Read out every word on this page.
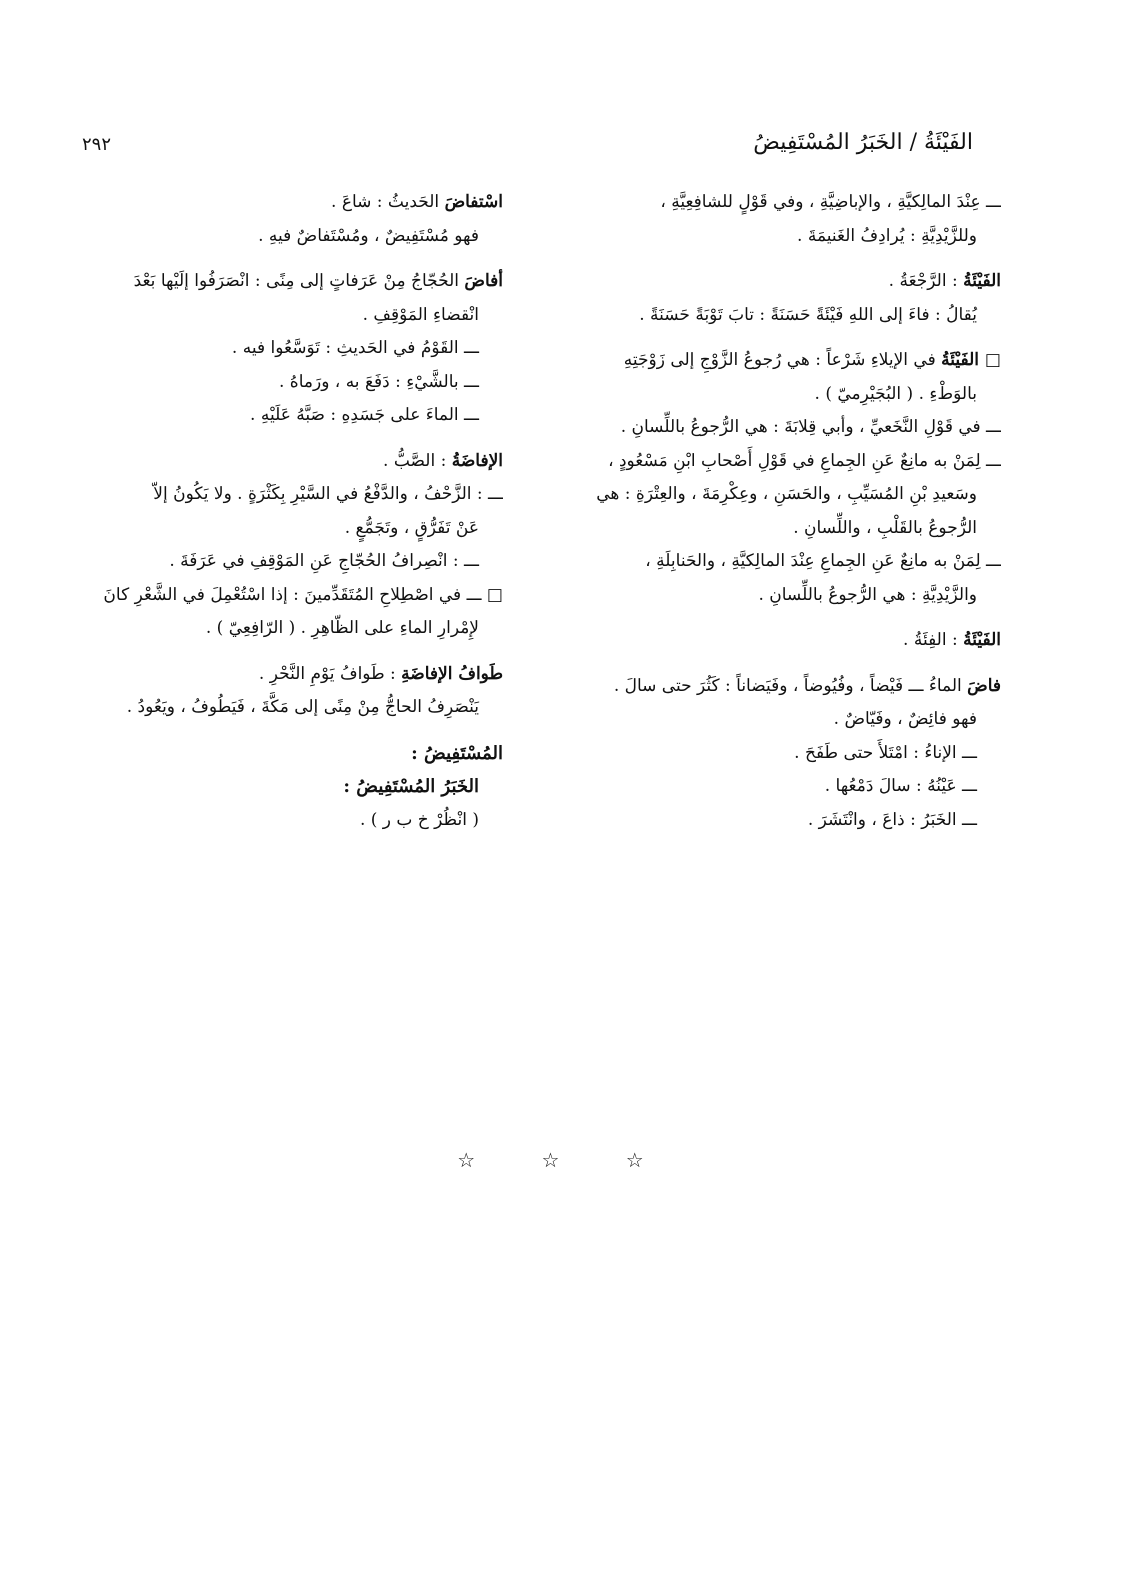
الفَيْئَةُ / الخَبَرُ المُسْتَفِيضُ
٢٩٢
ـــ عِنْدَ المالِكيَّةِ ، والإباضِيَّةِ ، وفي قَوْلٍ للشافِعِيَّةِ ،
وللزَّيْدِيَّةِ : يُرادِفُ الغَنيمَةَ .
الفَيْئَةُ : الرَّجْعَةُ .
يُقالُ : فاءَ إلى اللهِ فَيْئَةً حَسَنَةً : تابَ تَوْبَةً حَسَنَةً .
□ الفَيْئَةُ في الإيلاءِ شَرْعاً : هي رُجوعُ الزَّوْجِ إلى زَوْجَتِهِ
بالوَطْءِ . ( البُجَيْرِميّ ) .
ـــ في قَوْلِ النَّخَعيِّ ، وأبي قِلابَةَ : هي الرُّجوعُ باللِّسانِ .
ـــ لِمَنْ به مانِعٌ عَنِ الجِماعِ في قَوْلِ أَصْحابِ ابْنِ مَسْعُودٍ ،
وسَعيدِ بْنِ المُسَيِّبِ ، والحَسَنِ ، وعِكْرِمَةَ ، والعِتْرَةِ : هي
الرُّجوعُ بالقَلْبِ ، واللِّسانِ .
ـــ لِمَنْ به مانِعٌ عَنِ الجِماعِ عِنْدَ المالِكيَّةِ ، والحَنابِلَةِ ،
والزَّيْدِيَّةِ : هي الرُّجوعُ باللِّسانِ .
الفَيْئَةُ : الفِئَةُ .
فاضَ الماءُ ـــ فَيْضاً ، وفُيُوضاً ، وفَيَضاناً : كَثُرَ حتى سالَ .
فهو فائِضٌ ، وفَيّاضٌ .
ـــ الإناءُ : امْتَلأَ حتى طَفَحَ .
ـــ عَيْنُهُ : سالَ دَمْعُها .
ـــ الخَبَرُ : ذاعَ ، وانْتَشَرَ .
اسْتفاضَ الحَديثُ : شاعَ .
فهو مُسْتَفِيضٌ ، ومُسْتَفاضٌ فيهِ .
أفاضَ الحُجّاجُ مِنْ عَرَفاتٍ إلى مِنًى : انْصَرَفُوا إلَيْها بَعْدَ
انْقضاءِ المَوْقِفِ .
ـــ القَوْمُ في الحَديثِ : تَوَسَّعُوا فيه .
ـــ بالشَّيْءِ : دَفَعَ به ، ورَماهُ .
ـــ الماءَ على جَسَدِهِ : صَبَّهُ عَلَيْهِ .
الإفاضَةُ : الصَّبُّ .
ـــ : الزَّحْفُ ، والدَّفْعُ في السَّيْرِ بِكَثْرَةٍ . ولا يَكُونُ إلاّ
عَنْ تَفَرُّقٍ ، وتَجَمُّعٍ .
ـــ : انْصِرافُ الحُجّاجِ عَنِ المَوْقِفِ في عَرَفَةَ .
□ ـــ في اصْطِلاحِ المُتَقَدِّمينَ : إذا اسْتُعْمِلَ في الشَّعْرِ كانَ
لإِمْرارِ الماءِ على الظّاهِرِ . ( الرّافِعِيّ ) .
طَوافُ الإفاضَةِ : طَوافُ يَوْمِ النَّحْرِ .
يَنْصَرِفُ الحاجُّ مِنْ مِنًى إلى مَكَّةَ ، فَيَطُوفُ ، ويَعُودُ .
المُسْتَفِيضُ :
الخَبَرُ المُسْتَفِيضُ :
( انْظُرْ خ ب ر ) .
☆ ☆ ☆
